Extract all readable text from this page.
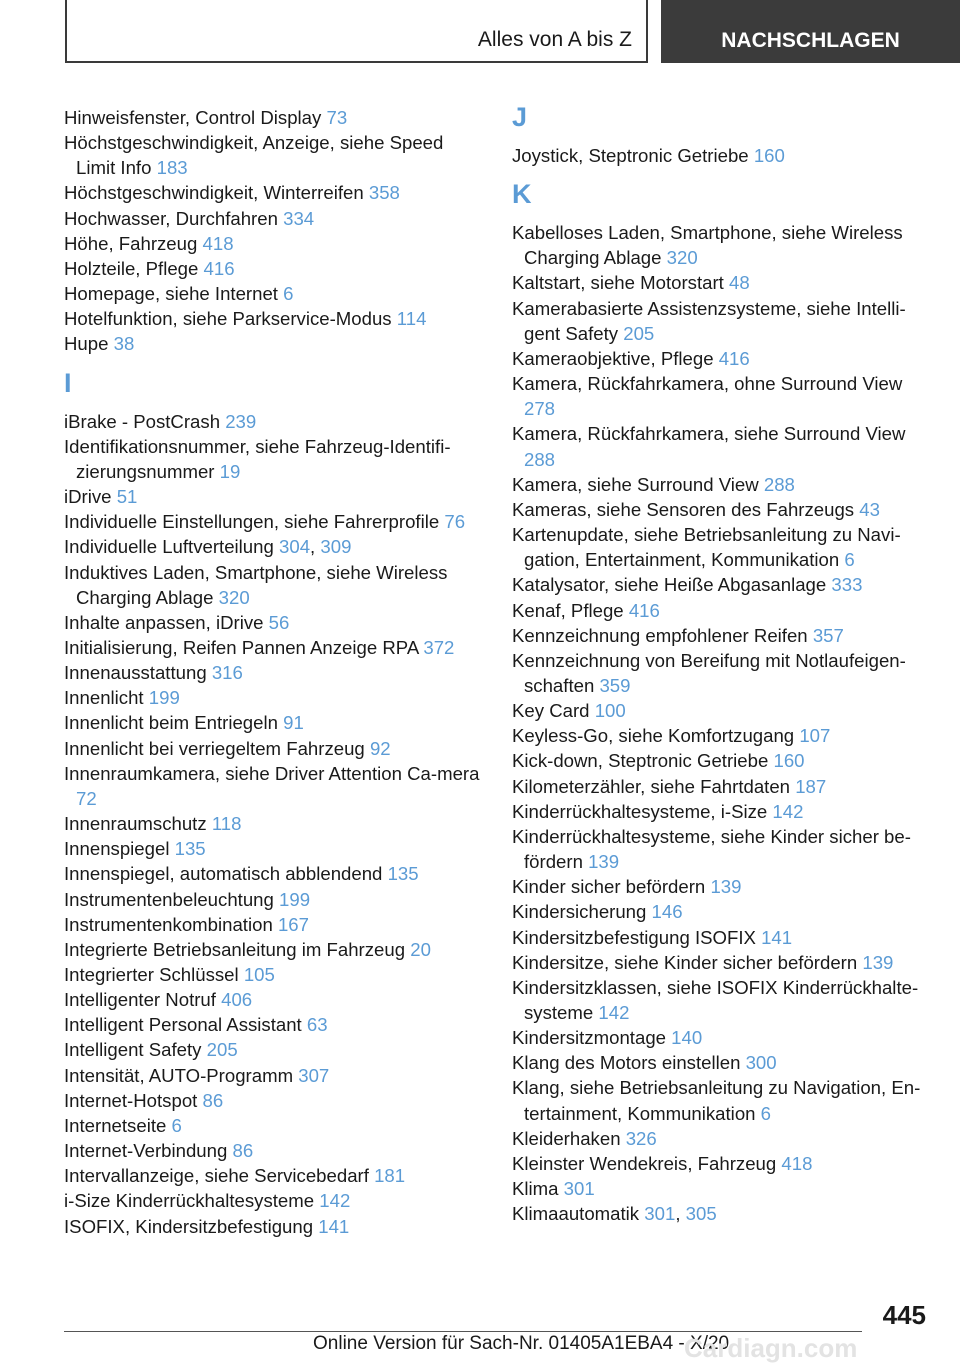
Alles von A bis Z	NACHSCHLAGEN
Hinweisfenster, Control Display 73
Höchstgeschwindigkeit, Anzeige, siehe Speed Limit Info 183
Höchstgeschwindigkeit, Winterreifen 358
Hochwasser, Durchfahren 334
Höhe, Fahrzeug 418
Holzteile, Pflege 416
Homepage, siehe Internet 6
Hotelfunktion, siehe Parkservice-Modus 114
Hupe 38
I
iBrake - PostCrash 239
Identifikationsnummer, siehe Fahrzeug-Identifi-zierungsnummer 19
iDrive 51
Individuelle Einstellungen, siehe Fahrerprofile 76
Individuelle Luftverteilung 304, 309
Induktives Laden, Smartphone, siehe Wireless Charging Ablage 320
Inhalte anpassen, iDrive 56
Initialisierung, Reifen Pannen Anzeige RPA 372
Innenausstattung 316
Innenlicht 199
Innenlicht beim Entriegeln 91
Innenlicht bei verriegeltem Fahrzeug 92
Innenraumkamera, siehe Driver Attention Ca-mera 72
Innenraumschutz 118
Innenspiegel 135
Innenspiegel, automatisch abblendend 135
Instrumentenbeleuchtung 199
Instrumentenkombination 167
Integrierte Betriebsanleitung im Fahrzeug 20
Integrierter Schlüssel 105
Intelligenter Notruf 406
Intelligent Personal Assistant 63
Intelligent Safety 205
Intensität, AUTO-Programm 307
Internet-Hotspot 86
Internetseite 6
Internet-Verbindung 86
Intervallanzeige, siehe Servicebedarf 181
i-Size Kinderrückhaltesysteme 142
ISOFIX, Kindersitzbefestigung 141
J
Joystick, Steptronic Getriebe 160
K
Kabelloses Laden, Smartphone, siehe Wireless Charging Ablage 320
Kaltstart, siehe Motorstart 48
Kamerabasierte Assistenzsysteme, siehe Intelli-gent Safety 205
Kameraobjektive, Pflege 416
Kamera, Rückfahrkamera, ohne Surround View 278
Kamera, Rückfahrkamera, siehe Surround View 288
Kamera, siehe Surround View 288
Kameras, siehe Sensoren des Fahrzeugs 43
Kartenupdate, siehe Betriebsanleitung zu Navi-gation, Entertainment, Kommunikation 6
Katalysator, siehe Heiße Abgasanlage 333
Kenaf, Pflege 416
Kennzeichnung empfohlener Reifen 357
Kennzeichnung von Bereifung mit Notlaufeigen-schaften 359
Key Card 100
Keyless-Go, siehe Komfortzugang 107
Kick-down, Steptronic Getriebe 160
Kilometerzähler, siehe Fahrtdaten 187
Kinderrückhaltesysteme, i-Size 142
Kinderrückhaltesysteme, siehe Kinder sicher be-fördern 139
Kinder sicher befördern 139
Kindersicherung 146
Kindersitzbefestigung ISOFIX 141
Kindersitze, siehe Kinder sicher befördern 139
Kindersitzklassen, siehe ISOFIX Kinderrückhalte-systeme 142
Kindersitzmontage 140
Klang des Motors einstellen 300
Klang, siehe Betriebsanleitung zu Navigation, En-tertainment, Kommunikation 6
Kleiderhaken 326
Kleinster Wendekreis, Fahrzeug 418
Klima 301
Klimaautomatik 301, 305
445
Online Version für Sach-Nr. 01405A1EBA4 - X/20
Cardiagn.com
